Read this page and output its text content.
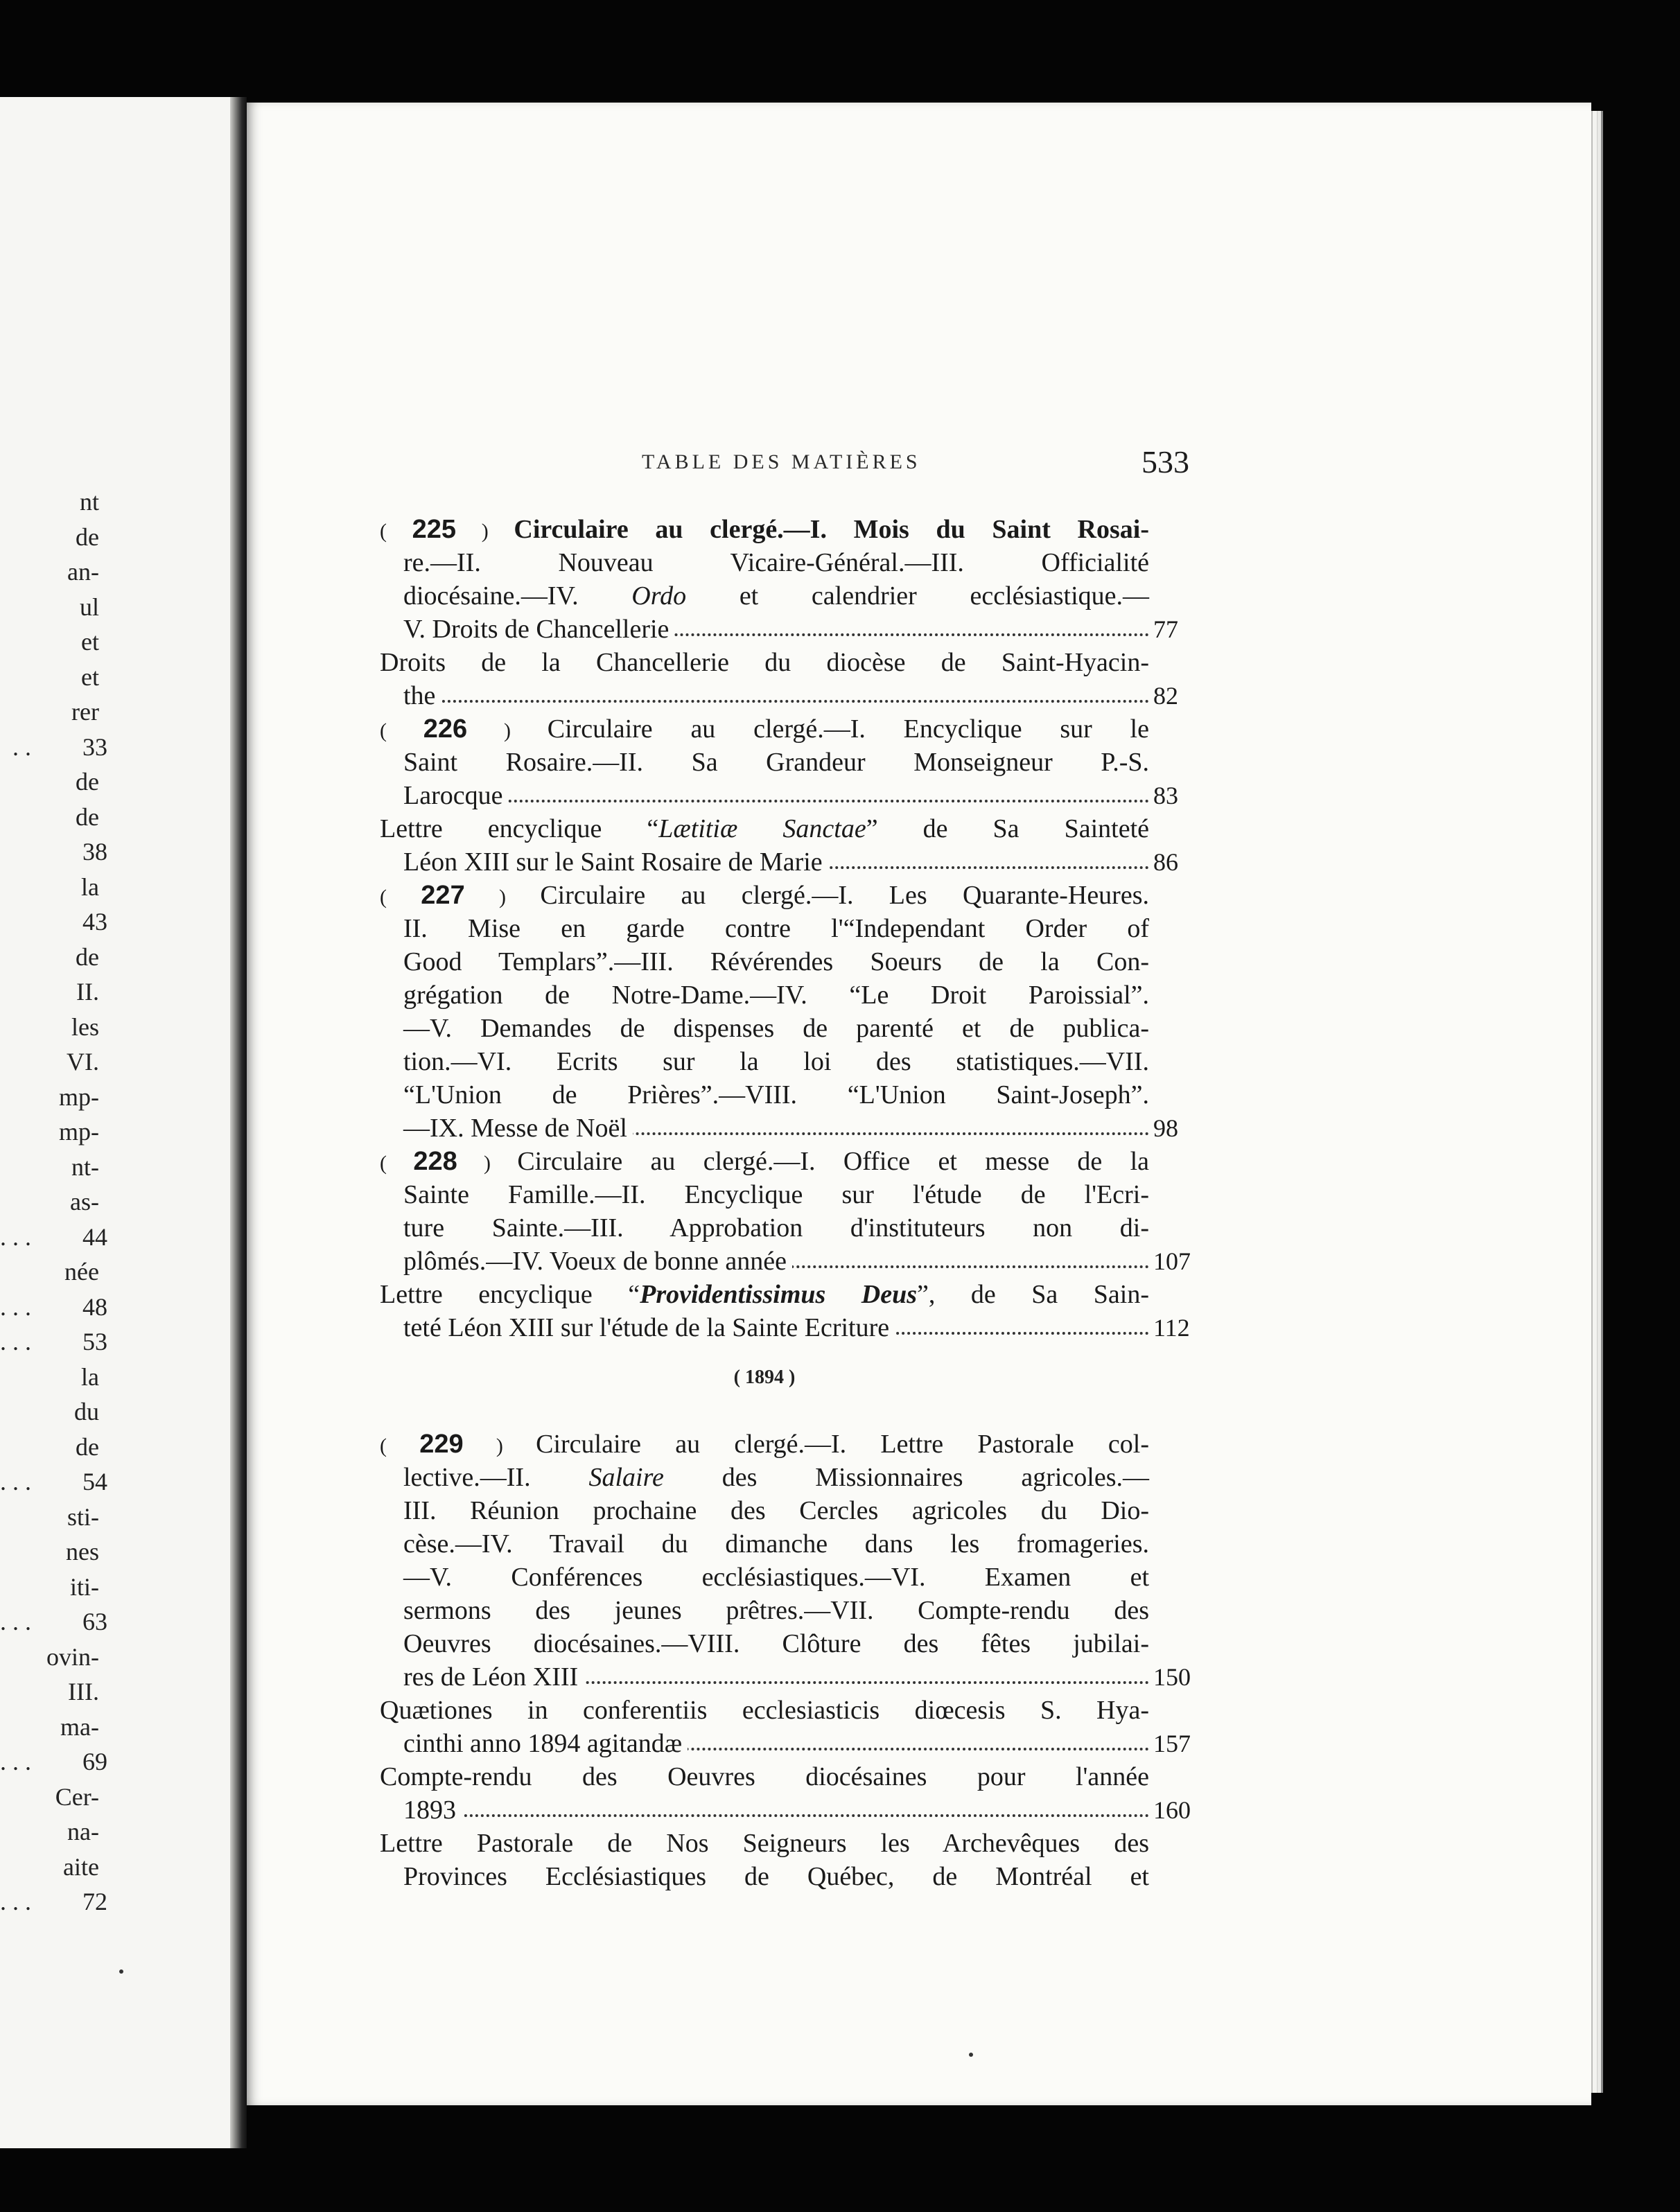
nt
de
an-
ul
et
et
rer
. . 33
de
de
38
la
43
de
II.
les
VI.
mp-
mp-
nt-
as-
. . . 44
née
. . . 48
. . . 53
la
du
de
. . . 54
sti-
nes
iti-
. . . 63
ovin-
III.
ma-
. . . 69
Cer-
na-
aite
. . . 72
TABLE DES MATIÈRES	533
( 225 ) Circulaire au clergé.—I. Mois du Saint Rosai-
re.—II. Nouveau Vicaire-Général.—III. Officialité
diocésaine.—IV. Ordo et calendrier ecclésiastique.—
V. Droits de Chancellerie	77
Droits de la Chancellerie du diocèse de Saint-Hyacin-
the	82
( 226 ) Circulaire au clergé.—I. Encyclique sur le
Saint Rosaire.—II. Sa Grandeur Monseigneur P.-S.
Larocque	83
Lettre encyclique “Lætitiæ Sanctae” de Sa Sainteté
Léon XIII sur le Saint Rosaire de Marie	86
( 227 ) Circulaire au clergé.—I. Les Quarante-Heures.
II. Mise en garde contre l'“Independant Order of
Good Templars”.—III. Révérendes Soeurs de la Con-
grégation de Notre-Dame.—IV. “Le Droit Paroissial”.
—V. Demandes de dispenses de parenté et de publica-
tion.—VI. Ecrits sur la loi des statistiques.—VII.
“L'Union de Prières”.—VIII. “L'Union Saint-Joseph”.
—IX. Messe de Noël	98
( 228 ) Circulaire au clergé.—I. Office et messe de la
Sainte Famille.—II. Encyclique sur l'étude de l'Ecri-
ture Sainte.—III. Approbation d'instituteurs non di-
plômés.—IV. Voeux de bonne année	107
Lettre encyclique “Providentissimus Deus”, de Sa Sain-
teté Léon XIII sur l'étude de la Sainte Ecriture	112
( 1894 )
( 229 ) Circulaire au clergé.—I. Lettre Pastorale col-
lective.—II. Salaire des Missionnaires agricoles.—
III. Réunion prochaine des Cercles agricoles du Dio-
cèse.—IV. Travail du dimanche dans les fromageries.
—V. Conférences ecclésiastiques.—VI. Examen et
sermons des jeunes prêtres.—VII. Compte-rendu des
Oeuvres diocésaines.—VIII. Clôture des fêtes jubilai-
res de Léon XIII	150
Quætiones in conferentiis ecclesiasticis diœcesis S. Hya-
cinthi anno 1894 agitandæ	157
Compte-rendu des Oeuvres diocésaines pour l'année
1893	160
Lettre Pastorale de Nos Seigneurs les Archevêques des
Provinces Ecclésiastiques de Québec, de Montréal et
